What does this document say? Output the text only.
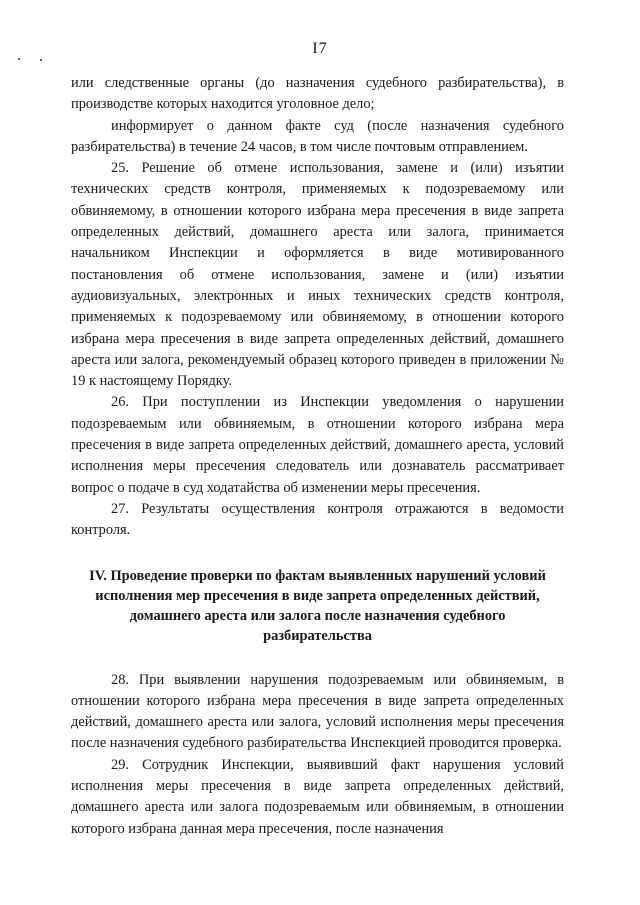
I7

или следственные органы (до назначения судебного разбирательства), в производстве которых находится уголовное дело;

информирует о данном факте суд (после назначения судебного разбирательства) в течение 24 часов, в том числе почтовым отправлением.

25. Решение об отмене использования, замене и (или) изъятии технических средств контроля, применяемых к подозреваемому или обвиняемому, в отношении которого избрана мера пресечения в виде запрета определенных действий, домашнего ареста или залога, принимается начальником Инспекции и оформляется в виде мотивированного постановления об отмене использования, замене и (или) изъятии аудиовизуальных, электронных и иных технических средств контроля, применяемых к подозреваемому или обвиняемому, в отношении которого избрана мера пресечения в виде запрета определенных действий, домашнего ареста или залога, рекомендуемый образец которого приведен в приложении № 19 к настоящему Порядку.

26. При поступлении из Инспекции уведомления о нарушении подозреваемым или обвиняемым, в отношении которого избрана мера пресечения в виде запрета определенных действий, домашнего ареста, условий исполнения меры пресечения следователь или дознаватель рассматривает вопрос о подаче в суд ходатайства об изменении меры пресечения.

27. Результаты осуществления контроля отражаются в ведомости контроля.

IV. Проведение проверки по фактам выявленных нарушений условий исполнения мер пресечения в виде запрета определенных действий, домашнего ареста или залога после назначения судебного разбирательства

28. При выявлении нарушения подозреваемым или обвиняемым, в отношении которого избрана мера пресечения в виде запрета определенных действий, домашнего ареста или залога, условий исполнения меры пресечения после назначения судебного разбирательства Инспекцией проводится проверка.

29. Сотрудник Инспекции, выявивший факт нарушения условий исполнения меры пресечения в виде запрета определенных действий, домашнего ареста или залога подозреваемым или обвиняемым, в отношении которого избрана данная мера пресечения, после назначения
